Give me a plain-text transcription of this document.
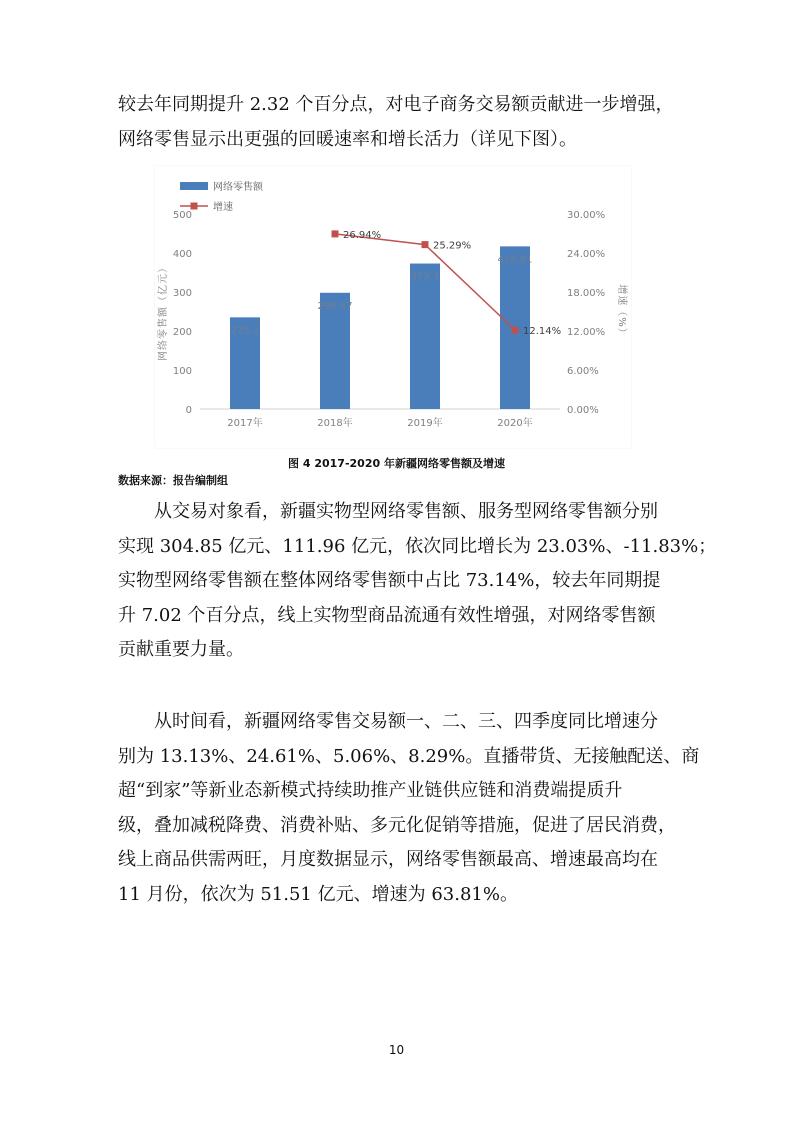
较去年同期提升 2.32 个百分点，对电子商务交易额贡献进一步增强，
网络零售显示出更强的回暖速率和增长活力（详见下图）。

0
100
200
300
400
500
0.00%
6.00%
12.00%
18.00%
24.00%
30.00%
网络零售额（亿元）	增速（%）
235.1
298.67
373.3
416.81
2017年	2018年	2019年	2020年
26.94%
25.29%
12.14%
网络零售额
增速
图 4 2017-2020 年新疆网络零售额及增速
数据来源：报告编制组

　　从交易对象看，新疆实物型网络零售额、服务型网络零售额分别
实现 304.85 亿元、111.96 亿元，依次同比增长为 23.03%、-11.83%；
实物型网络零售额在整体网络零售额中占比 73.14%，较去年同期提
升 7.02 个百分点，线上实物型商品流通有效性增强，对网络零售额
贡献重要力量。

　　从时间看，新疆网络零售交易额一、二、三、四季度同比增速分
别为 13.13%、24.61%、5.06%、8.29%。直播带货、无接触配送、商
超“到家”等新业态新模式持续助推产业链供应链和消费端提质升
级，叠加减税降费、消费补贴、多元化促销等措施，促进了居民消费，
线上商品供需两旺，月度数据显示，网络零售额最高、增速最高均在
11 月份，依次为 51.51 亿元、增速为 63.81%。

10
